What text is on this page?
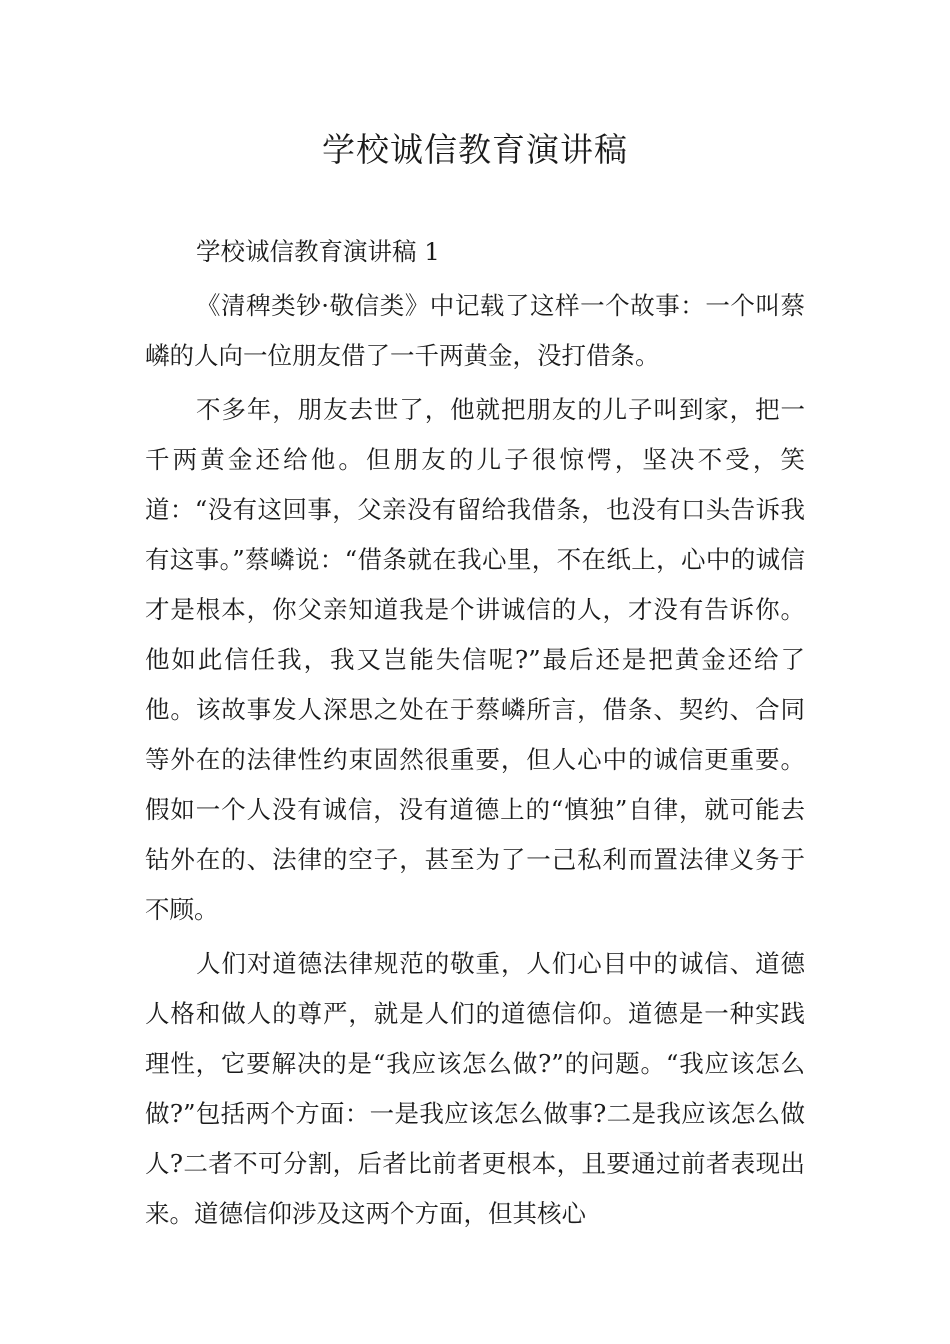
学校诚信教育演讲稿

学校诚信教育演讲稿 1

《清稗类钞·敬信类》中记载了这样一个故事：一个叫蔡嶙的人向一位朋友借了一千两黄金，没打借条。

不多年，朋友去世了，他就把朋友的儿子叫到家，把一千两黄金还给他。但朋友的儿子很惊愕，坚决不受，笑道：“没有这回事，父亲没有留给我借条，也没有口头告诉我有这事。”蔡嶙说：“借条就在我心里，不在纸上，心中的诚信才是根本，你父亲知道我是个讲诚信的人，才没有告诉你。他如此信任我，我又岂能失信呢?”最后还是把黄金还给了他。该故事发人深思之处在于蔡嶙所言，借条、契约、合同等外在的法律性约束固然很重要，但人心中的诚信更重要。假如一个人没有诚信，没有道德上的“慎独”自律，就可能去钻外在的、法律的空子，甚至为了一己私利而置法律义务于不顾。

人们对道德法律规范的敬重，人们心目中的诚信、道德人格和做人的尊严，就是人们的道德信仰。道德是一种实践理性，它要解决的是“我应该怎么做?”的问题。“我应该怎么做?”包括两个方面：一是我应该怎么做事?二是我应该怎么做人?二者不可分割，后者比前者更根本，且要通过前者表现出来。道德信仰涉及这两个方面，但其核心
